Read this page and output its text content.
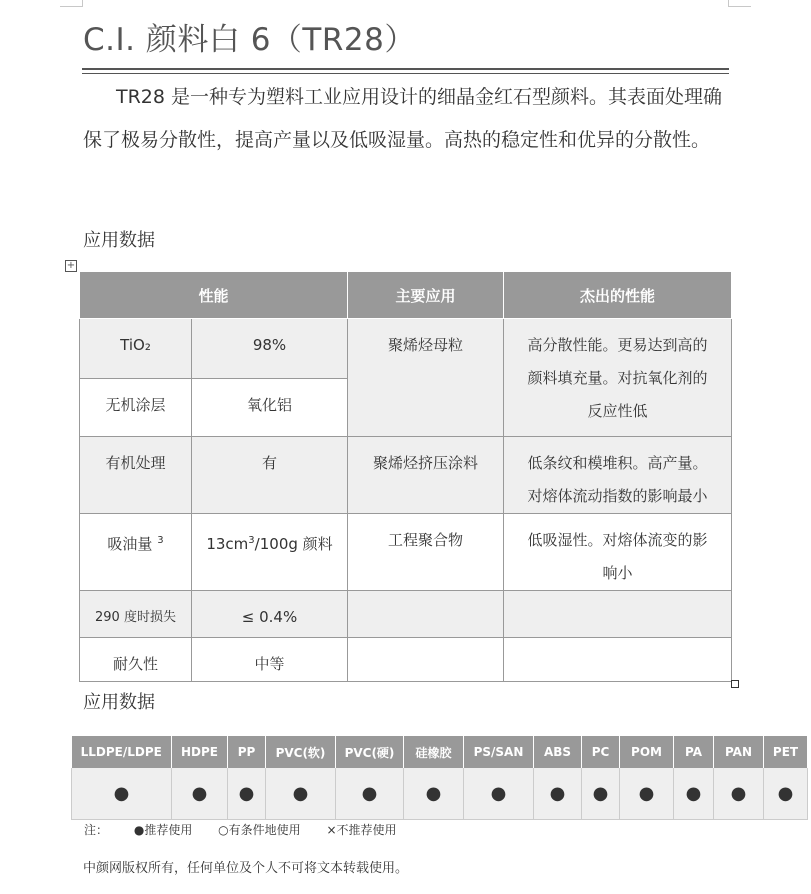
C.I. 颜料白 6（TR28）

TR28 是一种专为塑料工业应用设计的细晶金红石型颜料。其表面处理确保了极易分散性，提高产量以及低吸湿量。高热的稳定性和优异的分散性。

应用数据
+
性能		主要应用	杰出的性能
TiO₂	98%	聚烯烃母粒	高分散性能。更易达到高的
颜料填充量。对抗氧化剂的
反应性低
无机涂层	氧化铝		
有机处理	有	聚烯烃挤压涂料	低条纹和模堆积。高产量。
对熔体流动指数的影响最小
吸油量 $^3$	$13cm^3/100g$ 颜料	工程聚合物	低吸湿性。对熔体流变的影
响小
290 度时损失	≤ 0.4%		
耐久性	中等		
应用数据
LLDPE/LDPE	HDPE	PP	PVC(软)	PVC(硬)	硅橡胶	PS/SAN	ABS	PC	POM	PA	PAN	PET
●	●	●	●	●	●	●	●	●	●	●	●	●
注： ●推荐使用 ○有条件地使用 ×不推荐使用
中颜网版权所有，任何单位及个人不可将文本转载使用。
